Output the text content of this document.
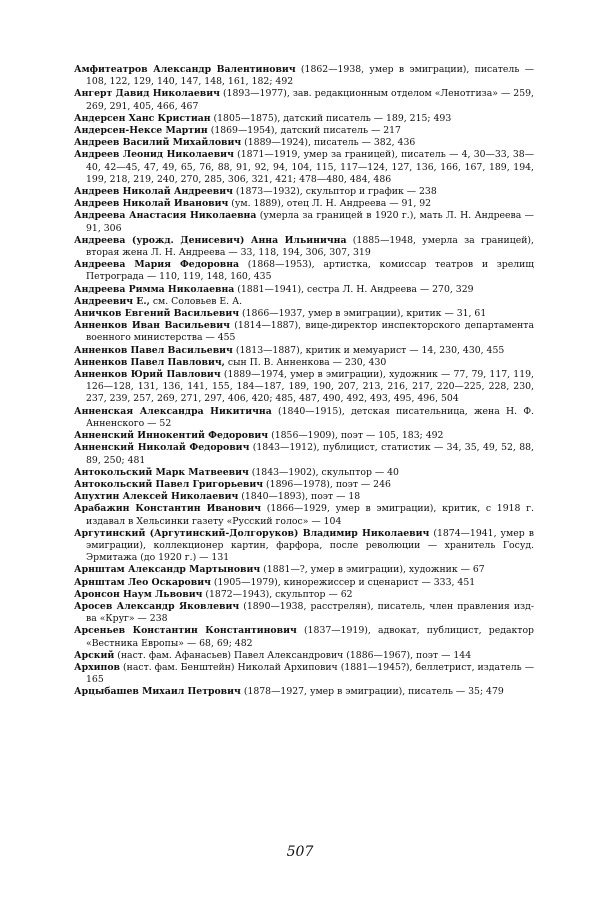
Амфитеатров Александр Валентинович (1862—1938, умер в эмиграции), писатель — 108, 122, 129, 140, 147, 148, 161, 182; 492

Ангерт Давид Николаевич (1893—1977), зав. редакционным отделом «Ленотгиза» — 259, 269, 291, 405, 466, 467

Андерсен Ханс Кристиан (1805—1875), датский писатель — 189, 215; 493

Андерсен-Нексе Мартин (1869—1954), датский писатель — 217

Андреев Василий Михайлович (1889—1924), писатель — 382, 436

Андреев Леонид Николаевич (1871—1919, умер за границей), писатель — 4, 30—33, 38—40, 42—45, 47, 49, 65, 76, 88, 91, 92, 94, 104, 115, 117—124, 127, 136, 166, 167, 189, 194, 199, 218, 219, 240, 270, 285, 306, 321, 421; 478—480, 484, 486

Андреев Николай Андреевич (1873—1932), скульптор и график — 238

Андреев Николай Иванович (ум. 1889), отец Л. Н. Андреева — 91, 92

Андреева Анастасия Николаевна (умерла за границей в 1920 г.), мать Л. Н. Андреева — 91, 306

Андреева (урожд. Денисевич) Анна Ильинична (1885—1948, умерла за границей), вторая жена Л. Н. Андреева — 33, 118, 194, 306, 307, 319

Андреева Мария Федоровна (1868—1953), артистка, комиссар театров и зрелищ Петрограда — 110, 119, 148, 160, 435

Андреева Римма Николаевна (1881—1941), сестра Л. Н. Андреева — 270, 329

Андреевич Е., см. Соловьев Е. А.

Аничков Евгений Васильевич (1866—1937, умер в эмиграции), критик — 31, 61

Анненков Иван Васильевич (1814—1887), вице-директор инспекторского департамента военного министерства — 455

Анненков Павел Васильевич (1813—1887), критик и мемуарист — 14, 230, 430, 455

Анненков Павел Павлович, сын П. В. Анненкова — 230, 430

Анненков Юрий Павлович (1889—1974, умер в эмиграции), художник — 77, 79, 117, 119, 126—128, 131, 136, 141, 155, 184—187, 189, 190, 207, 213, 216, 217, 220—225, 228, 230, 237, 239, 257, 269, 271, 297, 406, 420; 485, 487, 490, 492, 493, 495, 496, 504

Анненская Александра Никитична (1840—1915), детская писательница, жена Н. Ф. Анненского — 52

Анненский Иннокентий Федорович (1856—1909), поэт — 105, 183; 492

Анненский Николай Федорович (1843—1912), публицист, статистик — 34, 35, 49, 52, 88, 89, 250; 481

Антокольский Марк Матвеевич (1843—1902), скульптор — 40

Антокольский Павел Григорьевич (1896—1978), поэт — 246

Апухтин Алексей Николаевич (1840—1893), поэт — 18

Арабажин Константин Иванович (1866—1929, умер в эмиграции), критик, с 1918 г. издавал в Хельсинки газету «Русский голос» — 104

Аргутинский (Аргутинский-Долгоруков) Владимир Николаевич (1874—1941, умер в эмиграции), коллекционер картин, фарфора, после революции — хранитель Госуд. Эрмитажа (до 1920 г.) — 131

Арнштам Александр Мартынович (1881—?, умер в эмиграции), художник — 67

Арнштам Лео Оскарович (1905—1979), кинорежиссер и сценарист — 333, 451

Аронсон Наум Львович (1872—1943), скульптор — 62

Аросев Александр Яковлевич (1890—1938, расстрелян), писатель, член правления изд-ва «Круг» — 238

Арсеньев Константин Константинович (1837—1919), адвокат, публицист, редактор «Вестника Европы» — 68, 69; 482

Арский (наст. фам. Афанасьев) Павел Александрович (1886—1967), поэт — 144

Архипов (наст. фам. Бенштейн) Николай Архипович (1881—1945?), беллетрист, издатель — 165

Арцыбашев Михаил Петрович (1878—1927, умер в эмиграции), писатель — 35; 479

507
